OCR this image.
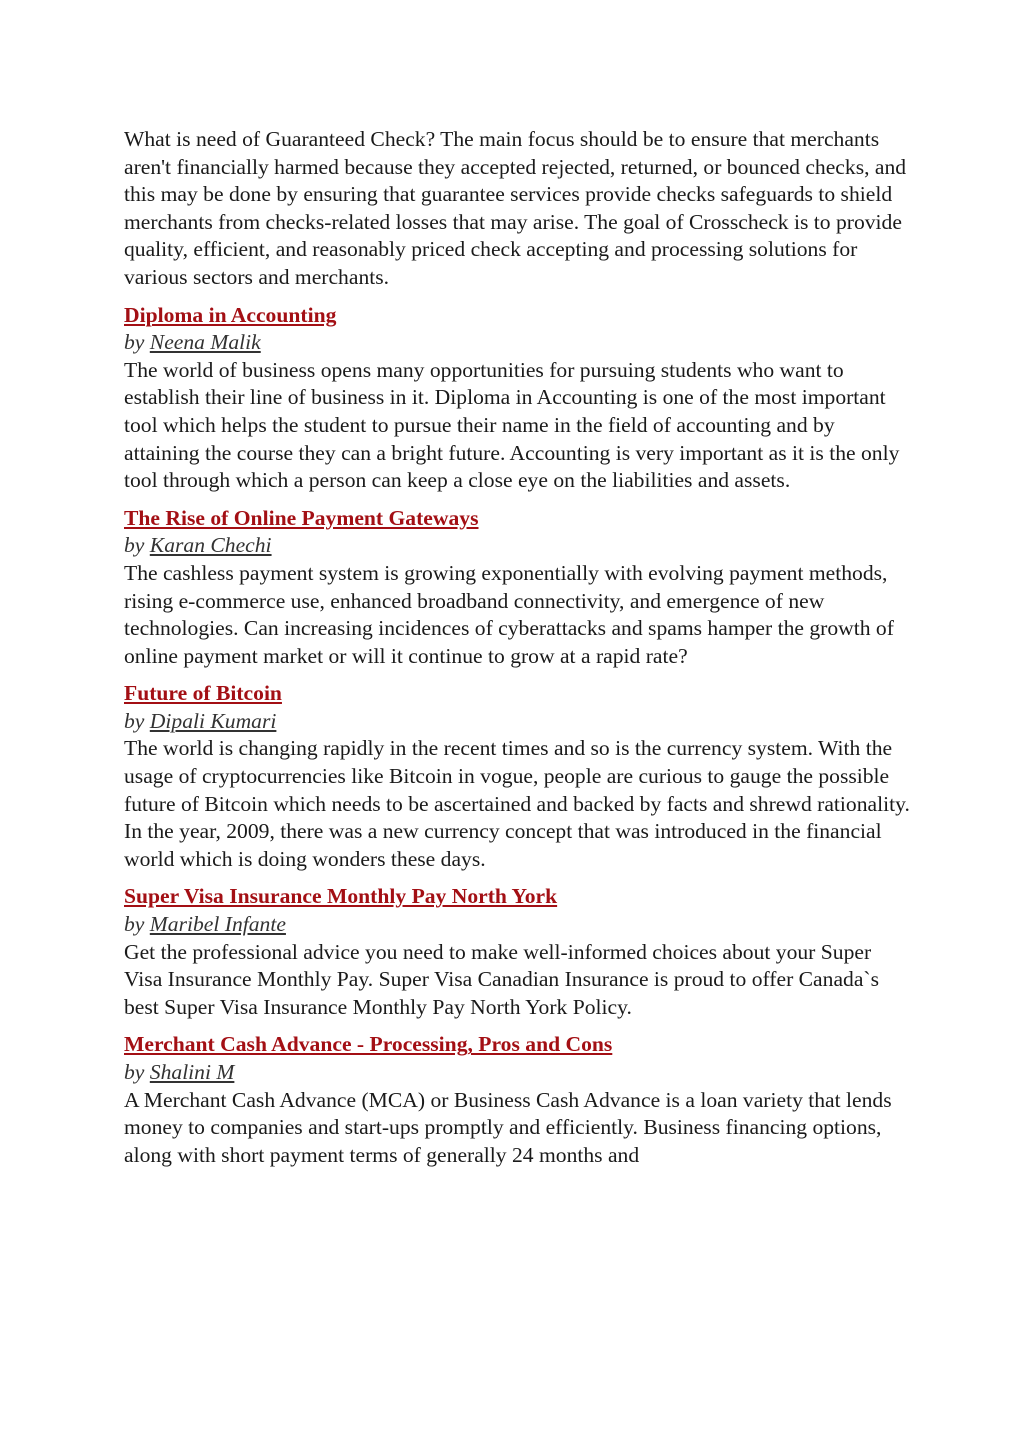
What is need of Guaranteed Check? The main focus should be to ensure that merchants aren't financially harmed because they accepted rejected, returned, or bounced checks, and this may be done by ensuring that guarantee services provide checks safeguards to shield merchants from checks-related losses that may arise. The goal of Crosscheck is to provide quality, efficient, and reasonably priced check accepting and processing solutions for various sectors and merchants.

Diploma in Accounting
by Neena Malik

The world of business opens many opportunities for pursuing students who want to establish their line of business in it. Diploma in Accounting is one of the most important tool which helps the student to pursue their name in the field of accounting and by attaining the course they can a bright future. Accounting is very important as it is the only tool through which a person can keep a close eye on the liabilities and assets.

The Rise of Online Payment Gateways
by Karan Chechi

The cashless payment system is growing exponentially with evolving payment methods, rising e-commerce use, enhanced broadband connectivity, and emergence of new technologies. Can increasing incidences of cyberattacks and spams hamper the growth of online payment market or will it continue to grow at a rapid rate?

Future of Bitcoin
by Dipali Kumari

The world is changing rapidly in the recent times and so is the currency system. With the usage of cryptocurrencies like Bitcoin in vogue, people are curious to gauge the possible future of Bitcoin which needs to be ascertained and backed by facts and shrewd rationality. In the year, 2009, there was a new currency concept that was introduced in the financial world which is doing wonders these days.

Super Visa Insurance Monthly Pay North York
by Maribel Infante

Get the professional advice you need to make well-informed choices about your Super Visa Insurance Monthly Pay. Super Visa Canadian Insurance is proud to offer Canada`s best Super Visa Insurance Monthly Pay North York Policy.

Merchant Cash Advance - Processing, Pros and Cons
by Shalini M

A Merchant Cash Advance (MCA) or Business Cash Advance is a loan variety that lends money to companies and start-ups promptly and efficiently. Business financing options, along with short payment terms of generally 24 months and
